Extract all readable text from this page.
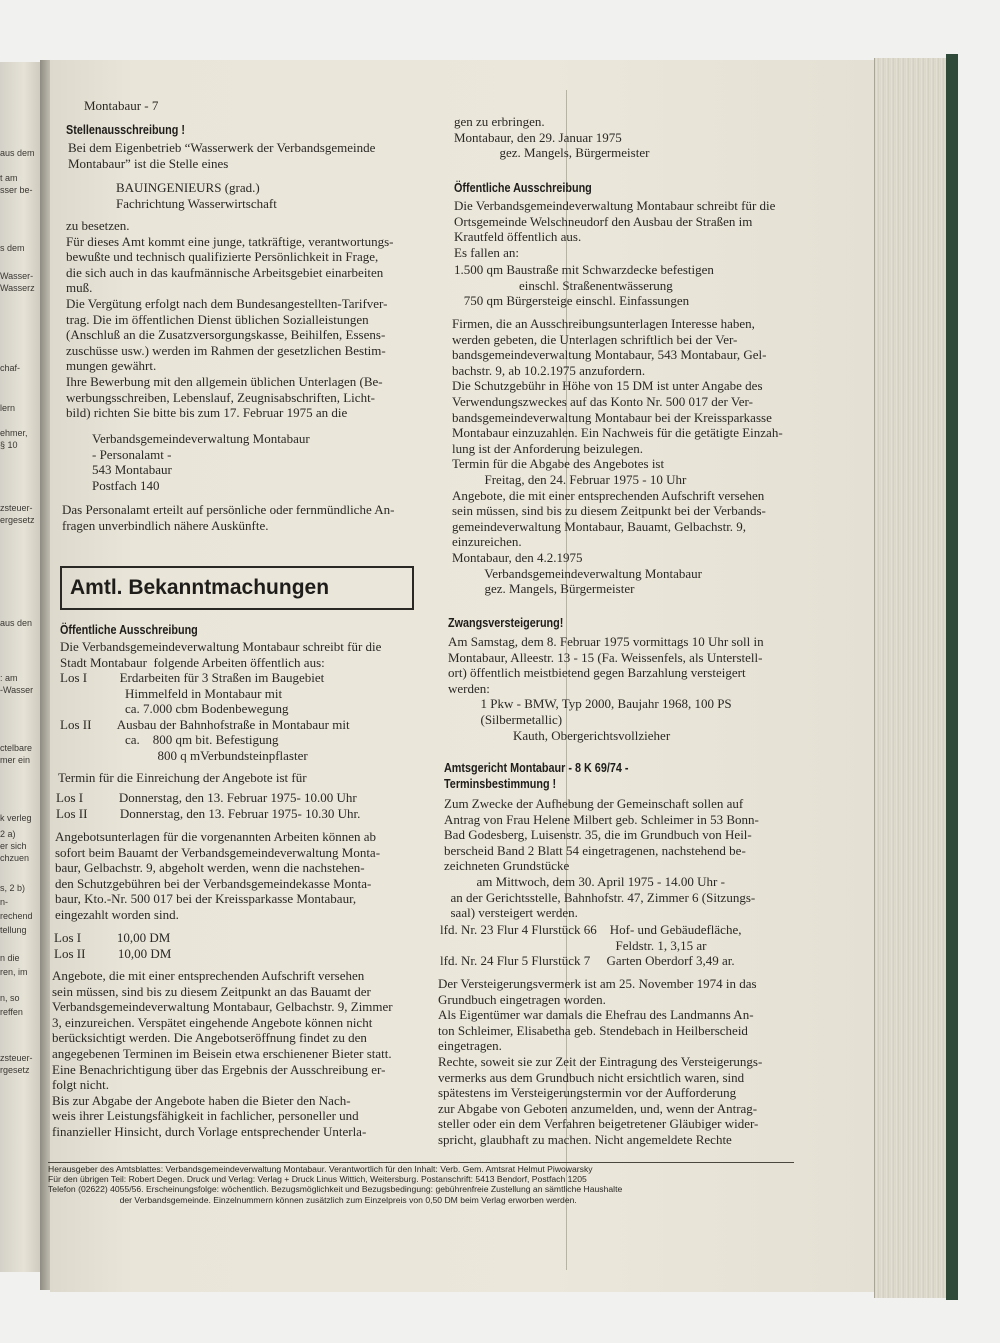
aus dem
t am
sser be-
s dem
Wasser-
Wasserz
chaf-
lern
ehmer,
§ 10
zsteuer-
ergesetz
aus den
: am
-Wasser
ctelbare
mer ein
k verleg
2 a)
er sich
chzuen
s, 2 b)
n-
rechend
tellung
n die
ren, im
n, so
reffen
zsteuer-
rgesetz

Montabaur - 7

Stellenausschreibung !

Bei dem Eigenbetrieb “Wasserwerk der Verbandsgemeinde
Montabaur” ist die Stelle eines

BAUINGENIEURS (grad.)
Fachrichtung Wasserwirtschaft

zu besetzen.
Für dieses Amt kommt eine junge, tatkräftige, verantwortungs-
bewußte und technisch qualifizierte Persönlichkeit in Frage,
die sich auch in das kaufmännische Arbeitsgebiet einarbeiten
muß.
Die Vergütung erfolgt nach dem Bundesangestellten-Tarifver-
trag. Die im öffentlichen Dienst üblichen Sozialleistungen
(Anschluß an die Zusatzversorgungskasse, Beihilfen, Essens-
zuschüsse usw.) werden im Rahmen der gesetzlichen Bestim-
mungen gewährt.
Ihre Bewerbung mit den allgemein üblichen Unterlagen (Be-
werbungsschreiben, Lebenslauf, Zeugnisabschriften, Licht-
bild) richten Sie bitte bis zum 17. Februar 1975 an die

Verbandsgemeindeverwaltung Montabaur
- Personalamt -
543 Montabaur
Postfach 140

Das Personalamt erteilt auf persönliche oder fernmündliche An-
fragen unverbindlich nähere Auskünfte.

Amtl. Bekanntmachungen

Öffentliche Ausschreibung

Die Verbandsgemeindeverwaltung Montabaur schreibt für die
Stadt Montabaur  folgende Arbeiten öffentlich aus:

Los I          Erdarbeiten für 3 Straßen im Baugebiet
Himmelfeld in Montabaur mit
ca. 7.000 cbm Bodenbewegung
Los II        Ausbau der Bahnhofstraße in Montabaur mit
ca.    800 qm bit. Befestigung
800 q mVerbundsteinpflaster

Termin für die Einreichung der Angebote ist für

Los I           Donnerstag, den 13. Februar 1975- 10.00 Uhr
Los II          Donnerstag, den 13. Februar 1975- 10.30 Uhr.

Angebotsunterlagen für die vorgenannten Arbeiten können ab
sofort beim Bauamt der Verbandsgemeindeverwaltung Monta-
baur, Gelbachstr. 9, abgeholt werden, wenn die nachstehen-
den Schutzgebühren bei der Verbandsgemeindekasse Monta-
baur, Kto.-Nr. 500 017 bei der Kreissparkasse Montabaur,
eingezahlt worden sind.

Los I           10,00 DM
Los II          10,00 DM

Angebote, die mit einer entsprechenden Aufschrift versehen
sein müssen, sind bis zu diesem Zeitpunkt an das Bauamt der
Verbandsgemeindeverwaltung Montabaur, Gelbachstr. 9, Zimmer
3, einzureichen. Verspätet eingehende Angebote können nicht
berücksichtigt werden. Die Angebotseröffnung findet zu den
angegebenen Terminen im Beisein etwa erschienener Bieter statt.
Eine Benachrichtigung über das Ergebnis der Ausschreibung er-
folgt nicht.
Bis zur Abgabe der Angebote haben die Bieter den Nach-
weis ihrer Leistungsfähigkeit in fachlicher, personeller und
finanzieller Hinsicht, durch Vorlage entsprechender Unterla-

gen zu erbringen.
Montabaur, den 29. Januar 1975
gez. Mangels, Bürgermeister

Öffentliche Ausschreibung

Die Verbandsgemeindeverwaltung Montabaur schreibt für die
Ortsgemeinde Welschneudorf den Ausbau der Straßen im
Krautfeld öffentlich aus.
Es fallen an:

1.500 qm Baustraße mit Schwarzdecke befestigen
einschl. Straßenentwässerung
750 qm Bürgersteige einschl. Einfassungen

Firmen, die an Ausschreibungsunterlagen Interesse haben,
werden gebeten, die Unterlagen schriftlich bei der Ver-
bandsgemeindeverwaltung Montabaur, 543 Montabaur, Gel-
bachstr. 9, ab 10.2.1975 anzufordern.
Die Schutzgebühr in Höhe von 15 DM ist unter Angabe des
Verwendungszweckes auf das Konto Nr. 500 017 der Ver-
bandsgemeindeverwaltung Montabaur bei der Kreissparkasse
Montabaur einzuzahlen. Ein Nachweis für die getätigte Einzah-
lung ist der Anforderung beizulegen.
Termin für die Abgabe des Angebotes ist
Freitag, den 24. Februar 1975 - 10 Uhr
Angebote, die mit einer entsprechenden Aufschrift versehen
sein müssen, sind bis zu diesem Zeitpunkt bei der Verbands-
gemeindeverwaltung Montabaur, Bauamt, Gelbachstr. 9,
einzureichen.
Montabaur, den 4.2.1975
Verbandsgemeindeverwaltung Montabaur
gez. Mangels, Bürgermeister

Zwangsversteigerung!

Am Samstag, dem 8. Februar 1975 vormittags 10 Uhr soll in
Montabaur, Alleestr. 13 - 15 (Fa. Weissenfels, als Unterstell-
ort) öffentlich meistbietend gegen Barzahlung versteigert
werden:
1 Pkw - BMW, Typ 2000, Baujahr 1968, 100 PS
(Silbermetallic)
Kauth, Obergerichtsvollzieher

Amtsgericht Montabaur - 8 K 69/74 -
Terminsbestimmung !

Zum Zwecke der Aufhebung der Gemeinschaft sollen auf
Antrag von Frau Helene Milbert geb. Schleimer in 53 Bonn-
Bad Godesberg, Luisenstr. 35, die im Grundbuch von Heil-
berscheid Band 2 Blatt 54 eingetragenen, nachstehend be-
zeichneten Grundstücke
am Mittwoch, dem 30. April 1975 - 14.00 Uhr -
an der Gerichtsstelle, Bahnhofstr. 47, Zimmer 6 (Sitzungs-
saal) versteigert werden.

lfd. Nr. 23 Flur 4 Flurstück 66    Hof- und Gebäudefläche,
Feldstr. 1, 3,15 ar
lfd. Nr. 24 Flur 5 Flurstück 7     Garten Oberdorf 3,49 ar.

Der Versteigerungsvermerk ist am 25. November 1974 in das
Grundbuch eingetragen worden.
Als Eigentümer war damals die Ehefrau des Landmanns An-
ton Schleimer, Elisabetha geb. Stendebach in Heilberscheid
eingetragen.
Rechte, soweit sie zur Zeit der Eintragung des Versteigerungs-
vermerks aus dem Grundbuch nicht ersichtlich waren, sind
spätestens im Versteigerungstermin vor der Aufforderung
zur Abgabe von Geboten anzumelden, und, wenn der Antrag-
steller oder ein dem Verfahren beigetretener Gläubiger wider-
spricht, glaubhaft zu machen. Nicht angemeldete Rechte

Herausgeber des Amtsblattes: Verbandsgemeindeverwaltung Montabaur. Verantwortlich für den Inhalt: Verb. Gem. Amtsrat Helmut Piwowarsky
Für den übrigen Teil: Robert Degen. Druck und Verlag: Verlag + Druck Linus Wittich, Weitersburg. Postanschrift: 5413 Bendorf, Postfach 1205
Telefon (02622) 4055/56. Erscheinungsfolge: wöchentlich. Bezugsmöglichkeit und Bezugsbedingung: gebührenfreie Zustellung an sämtliche Haushalte
der Verbandsgemeinde. Einzelnummern können zusätzlich zum Einzelpreis von 0,50 DM beim Verlag erworben werden.
